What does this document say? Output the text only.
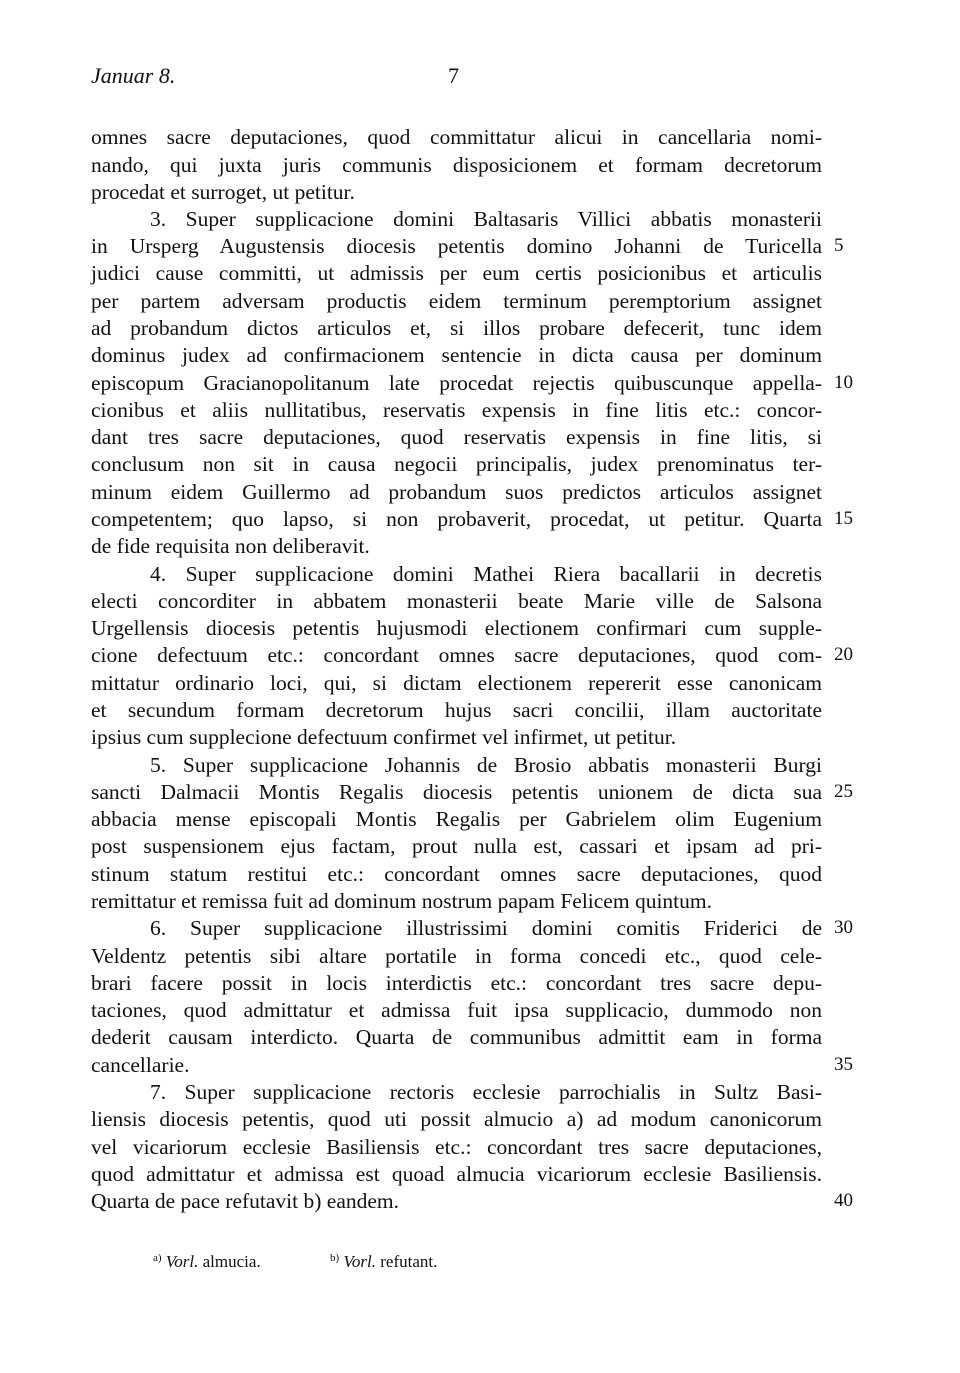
Januar 8.	7
omnes sacre deputaciones, quod committatur alicui in cancellaria nomi-
nando, qui juxta juris communis disposicionem et formam decretorum
procedat et surroget, ut petitur.
3. Super supplicacione domini Baltasaris Villici abbatis monasterii
in Ursperg Augustensis diocesis petentis domino Johanni de Turicella
judici cause committi, ut admissis per eum certis posicionibus et articulis
per partem adversam productis eidem terminum peremptorium assignet
ad probandum dictos articulos et, si illos probare defecerit, tunc idem
dominus judex ad confirmacionem sentencie in dicta causa per dominum
episcopum Gracianopolitanum late procedat rejectis quibuscunque appella-
cionibus et aliis nullitatibus, reservatis expensis in fine litis etc.: concor-
dant tres sacre deputaciones, quod reservatis expensis in fine litis, si
conclusum non sit in causa negocii principalis, judex prenominatus ter-
minum eidem Guillermo ad probandum suos predictos articulos assignet
competentem; quo lapso, si non probaverit, procedat, ut petitur. Quarta
de fide requisita non deliberavit.
4. Super supplicacione domini Mathei Riera bacallarii in decretis
electi concorditer in abbatem monasterii beate Marie ville de Salsona
Urgellensis diocesis petentis hujusmodi electionem confirmari cum supple-
cione defectuum etc.: concordant omnes sacre deputaciones, quod com-
mittatur ordinario loci, qui, si dictam electionem repererit esse canonicam
et secundum formam decretorum hujus sacri concilii, illam auctoritate
ipsius cum supplecione defectuum confirmet vel infirmet, ut petitur.
5. Super supplicacione Johannis de Brosio abbatis monasterii Burgi
sancti Dalmacii Montis Regalis diocesis petentis unionem de dicta sua
abbacia mense episcopali Montis Regalis per Gabrielem olim Eugenium
post suspensionem ejus factam, prout nulla est, cassari et ipsam ad pri-
stinum statum restitui etc.: concordant omnes sacre deputaciones, quod
remittatur et remissa fuit ad dominum nostrum papam Felicem quintum.
6. Super supplicacione illustrissimi domini comitis Friderici de
Veldentz petentis sibi altare portatile in forma concedi etc., quod cele-
brari facere possit in locis interdictis etc.: concordant tres sacre depu-
taciones, quod admittatur et admissa fuit ipsa supplicacio, dummodo non
dederit causam interdicto. Quarta de communibus admittit eam in forma
cancellarie.
7. Super supplicacione rectoris ecclesie parrochialis in Sultz Basi-
liensis diocesis petentis, quod uti possit almucio a) ad modum canonicorum
vel vicariorum ecclesie Basiliensis etc.: concordant tres sacre deputaciones,
quod admittatur et admissa est quoad almucia vicariorum ecclesie Basiliensis.
Quarta de pace refutavit b) eandem.
5
10
15
20
25
30
35
40
$^{a)}$ Vorl. almucia.	$^{b)}$ Vorl. refutant.
